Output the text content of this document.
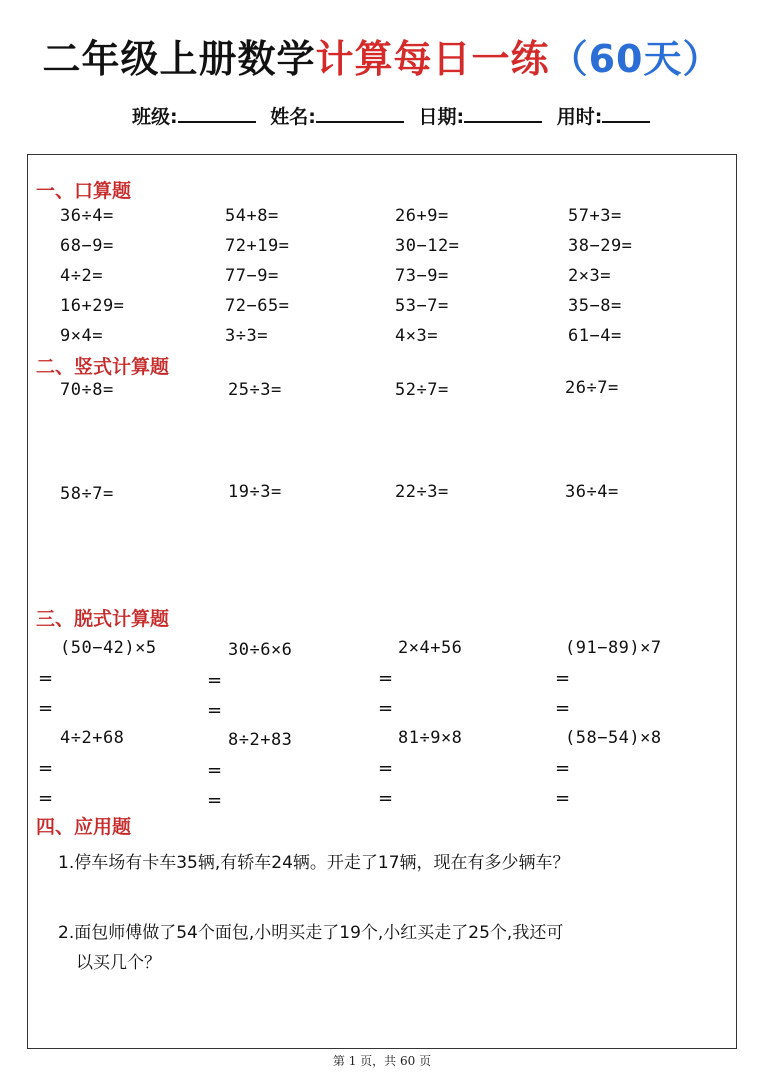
二年级上册数学计算每日一练（60天）
班级:	姓名:	日期:	用时:
一、口算题
36÷4=	54+8=	26+9=	57+3=
68−9=	72+19=	30−12=	38−29=
4÷2=	77−9=	73−9=	2×3=
16+29=	72−65=	53−7=	35−8=
9×4=	3÷3=	4×3=	61−4=
二、竖式计算题
70÷8=	25÷3=	52÷7=	26÷7=
58÷7=	19÷3=	22÷3=	36÷4=
三、脱式计算题
(50−42)×5	30÷6×6	2×4+56	(91−89)×7
=	=	=	=
=	=	=	=
4÷2+68	8÷2+83	81÷9×8	(58−54)×8
=	=	=	=
=	=	=	=
四、应用题
1.停车场有卡车35辆,有轿车24辆。开走了17辆，现在有多少辆车？
2.面包师傅做了54个面包,小明买走了19个,小红买走了25个,我还可
以买几个？
第 1 页，共 60 页
